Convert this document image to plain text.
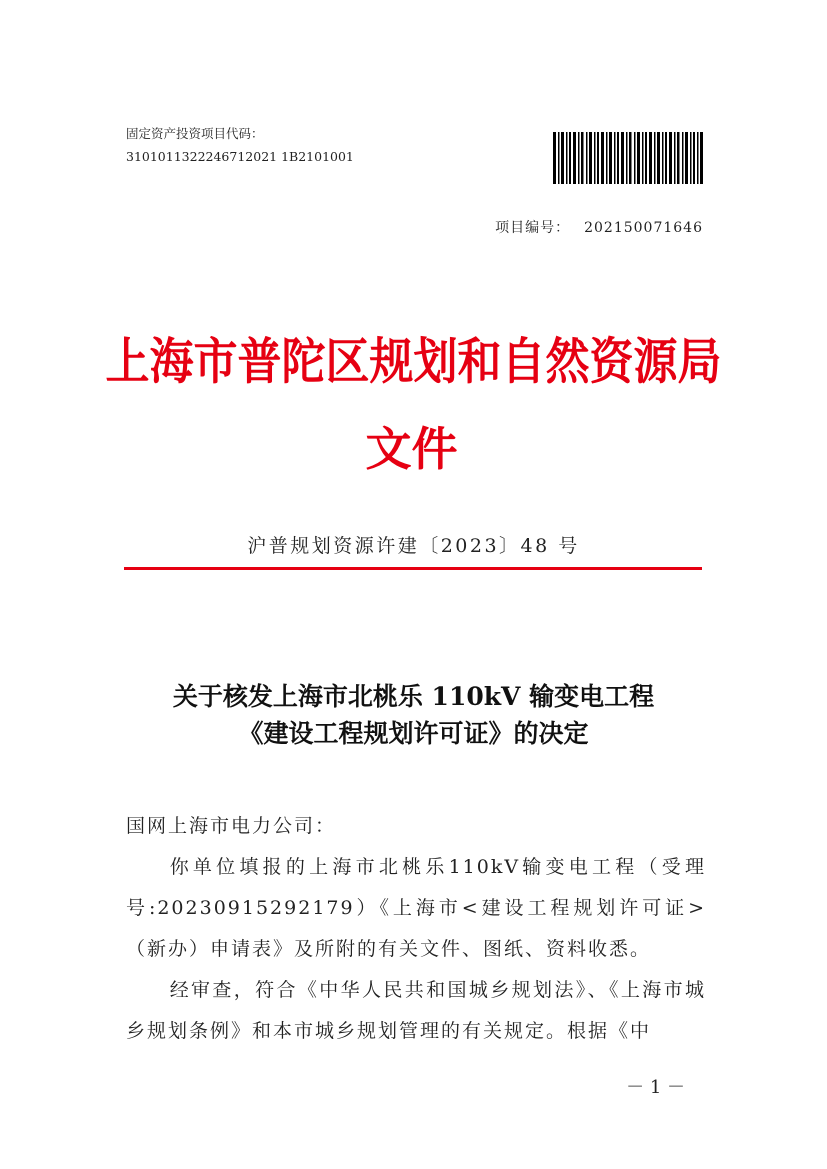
固定资产投资项目代码：
3101011322246712021 1B2101001
项目编号： 202150071646
上海市普陀区规划和自然资源局
文件
沪普规划资源许建〔2023〕48 号
关于核发上海市北桃乐 110kV 输变电工程
《建设工程规划许可证》的决定
国网上海市电力公司：

你单位填报的上海市北桃乐110kV输变电工程（受理号:20230915292179）《上海市<建设工程规划许可证>（新办）申请表》及所附的有关文件、图纸、资料收悉。

经审查，符合《中华人民共和国城乡规划法》、《上海市城乡规划条例》和本市城乡规划管理的有关规定。根据《中

－ 1 －
